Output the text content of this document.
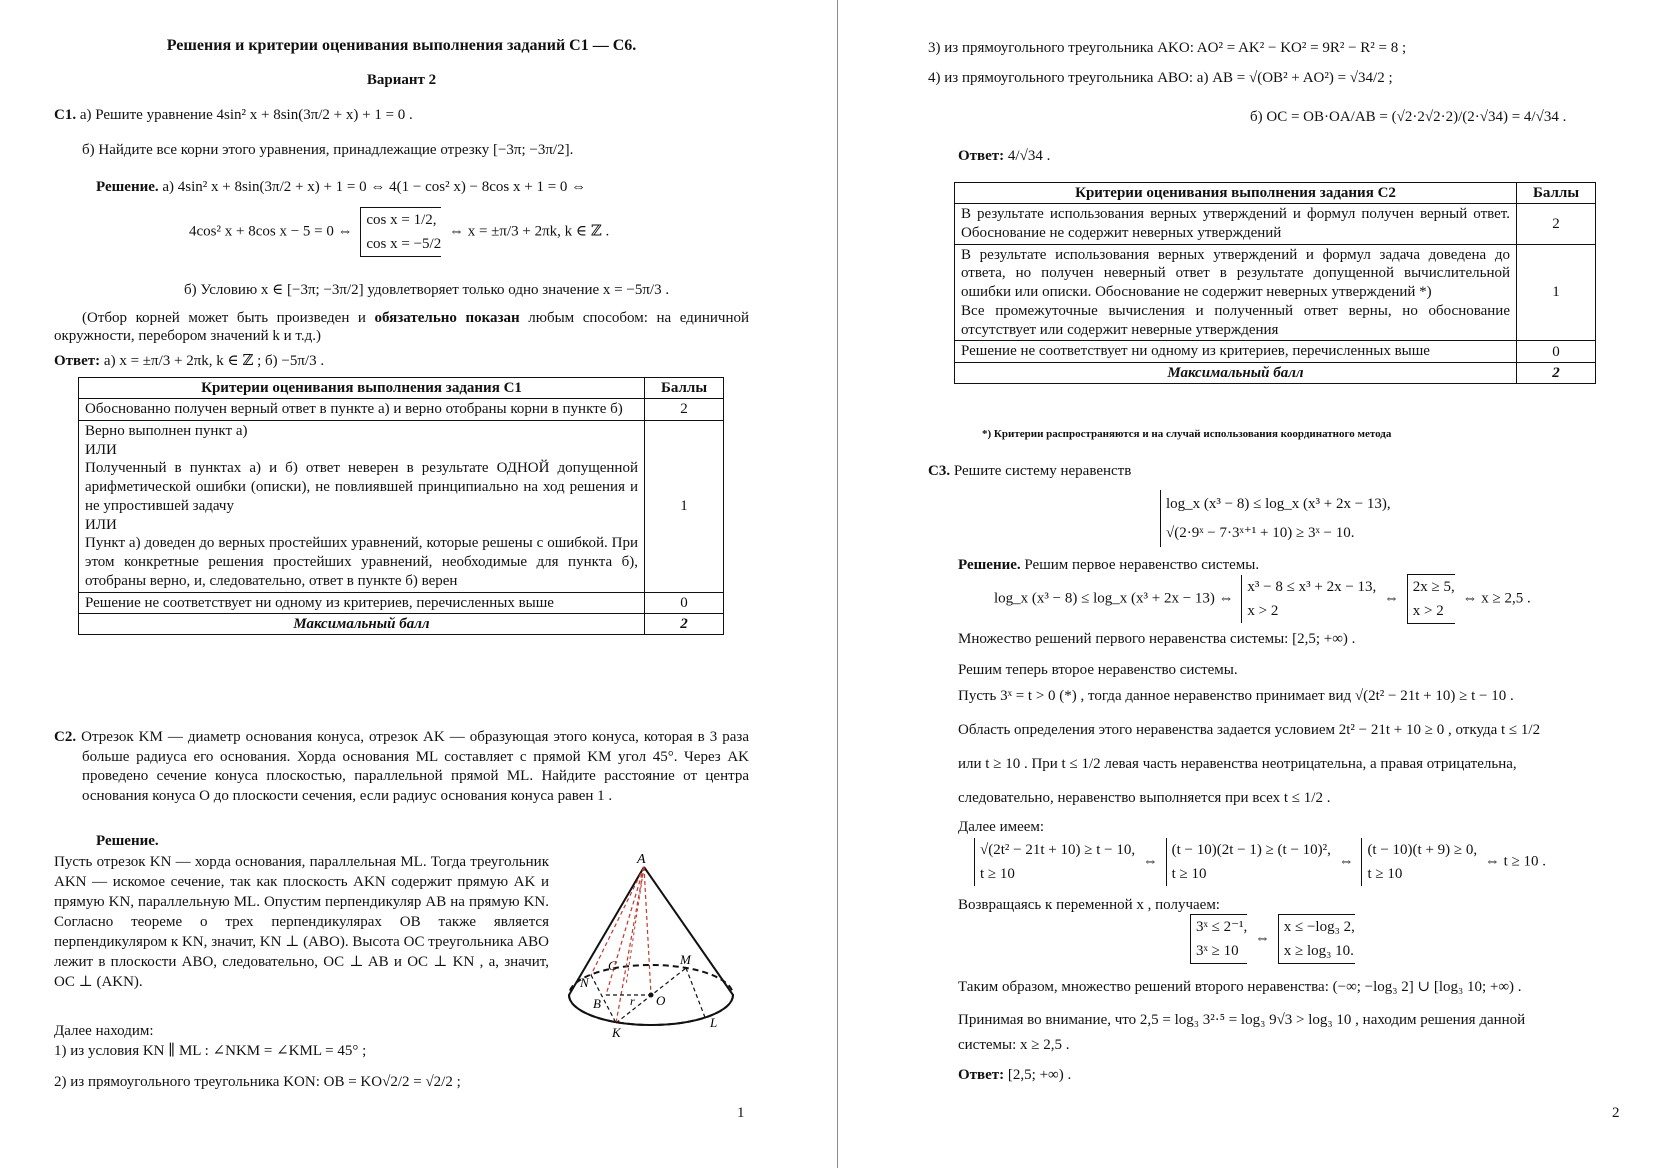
Решения и критерии оценивания выполнения заданий С1 — С6.
Вариант 2
С1. а) Решите уравнение 4sin² x + 8sin(3π/2 + x) + 1 = 0 .
б) Найдите все корни этого уравнения, принадлежащие отрезку [−3π; −3π/2].
Решение. а) 4sin² x + 8sin(3π/2 + x) + 1 = 0 ⇔ 4(1 − cos² x) − 8cos x + 1 = 0 ⇔
4cos² x + 8cos x − 5 = 0 ⇔
cos x = 1/2,
cos x = −5/2
⇔ x = ±π/3 + 2πk, k ∈ ℤ .
б) Условию x ∈ [−3π; −3π/2] удовлетворяет только одно значение x = −5π/3 .
(Отбор корней может быть произведен и обязательно показан любым способом: на единичной окружности, перебором значений k и т.д.)
Ответ: а) x = ±π/3 + 2πk, k ∈ ℤ ; б) −5π/3 .
Критерии оценивания выполнения задания С1	Баллы
Обоснованно получен верный ответ в пункте а) и верно отобраны корни в пункте б)	2

Верно выполнен пункт а)
ИЛИ
Полученный в пунктах а) и б) ответ неверен в результате ОДНОЙ допущенной арифметической ошибки (описки), не повлиявшей принципиально на ход решения и не упростившей задачу
ИЛИ
Пункт а) доведен до верных простейших уравнений, которые решены с ошибкой. При этом конкретные решения простейших уравнений, необходимые для пункта б), отобраны верно, и, следовательно, ответ в пункте б) верен	1
Решение не соответствует ни одному из критериев, перечисленных выше	0
Максимальный балл	2
С2. Отрезок KM — диаметр основания конуса, отрезок AK — образующая этого конуса, которая в 3 раза больше радиуса его основания. Хорда основания ML составляет с прямой KM угол 45°. Через AK проведено сечение конуса плоскостью, параллельной прямой ML. Найдите расстояние от центра основания конуса O до плоскости сечения, если радиус основания конуса равен 1 .
Решение.
Пусть отрезок KN — хорда основания, параллельная ML. Тогда треугольник AKN — искомое сечение, так как плоскость AKN содержит прямую AK и прямую KN, параллельную ML. Опустим перпендикуляр AB на прямую KN. Согласно теореме о трех перпендикулярах OB также является перпендикуляром к KN, значит, KN ⊥ (ABO). Высота OC треугольника ABO лежит в плоскости ABO, следовательно, OC ⊥ AB и OC ⊥ KN , а, значит, OC ⊥ (AKN).
Далее находим:
1) из условия KN ∥ ML : ∠NKM = ∠KML = 45° ;
2) из прямоугольного треугольника KON: OB = KO√2/2 = √2/2 ;
A
C	M
N
B r O
K
L
1
3) из прямоугольного треугольника AKO: AO² = AK² − KO² = 9R² − R² = 8 ;
4) из прямоугольного треугольника ABO: а) AB = √(OB² + AO²) = √34/2 ;
б) OC = OB·OA/AB = (√2·2√2·2)/(2·√34) = 4/√34 .
Ответ: 4/√34 .
Критерии оценивания выполнения задания С2	Баллы
В результате использования верных утверждений и формул получен верный ответ. Обоснование не содержит неверных утверждений	2

В результате использования верных утверждений и формул задача доведена до ответа, но получен неверный ответ в результате допущенной вычислительной ошибки или описки. Обоснование не содержит неверных утверждений *)
Все промежуточные вычисления и полученный ответ верны, но обоснование отсутствует или содержит неверные утверждения	1
Решение не соответствует ни одному из критериев, перечисленных выше	0
Максимальный балл	2
*) Критерии распространяются и на случай использования координатного метода
С3. Решите систему неравенств
log_x (x³ − 8) ≤ log_x (x³ + 2x − 13),
√(2·9ˣ − 7·3ˣ⁺¹ + 10) ≥ 3ˣ − 10.
Решение. Решим первое неравенство системы.
log_x (x³ − 8) ≤ log_x (x³ + 2x − 13) ⇔
x³ − 8 ≤ x³ + 2x − 13,
x > 2
⇔
2x ≥ 5,
x > 2
⇔ x ≥ 2,5 .
Множество решений первого неравенства системы: [2,5; +∞) .
Решим теперь второе неравенство системы.
Пусть 3ˣ = t > 0 (*) , тогда данное неравенство принимает вид √(2t² − 21t + 10) ≥ t − 10 .
Область определения этого неравенства задается условием 2t² − 21t + 10 ≥ 0 , откуда t ≤ 1/2
или t ≥ 10 . При t ≤ 1/2 левая часть неравенства неотрицательна, а правая отрицательна,
следовательно, неравенство выполняется при всех t ≤ 1/2 .
Далее имеем:
√(2t² − 21t + 10) ≥ t − 10,
t ≥ 10
⇔
(t − 10)(2t − 1) ≥ (t − 10)²,
t ≥ 10
⇔
(t − 10)(t + 9) ≥ 0,
t ≥ 10
⇔ t ≥ 10 .
Возвращаясь к переменной x , получаем:
3ˣ ≤ 2⁻¹,
3ˣ ≥ 10
⇔
x ≤ −log₃ 2,
x ≥ log₃ 10.
Таким образом, множество решений второго неравенства: (−∞; −log₃ 2] ∪ [log₃ 10; +∞) .
Принимая во внимание, что 2,5 = log₃ 3²·⁵ = log₃ 9√3 > log₃ 10 , находим решения данной
системы: x ≥ 2,5 .
Ответ: [2,5; +∞) .
2
